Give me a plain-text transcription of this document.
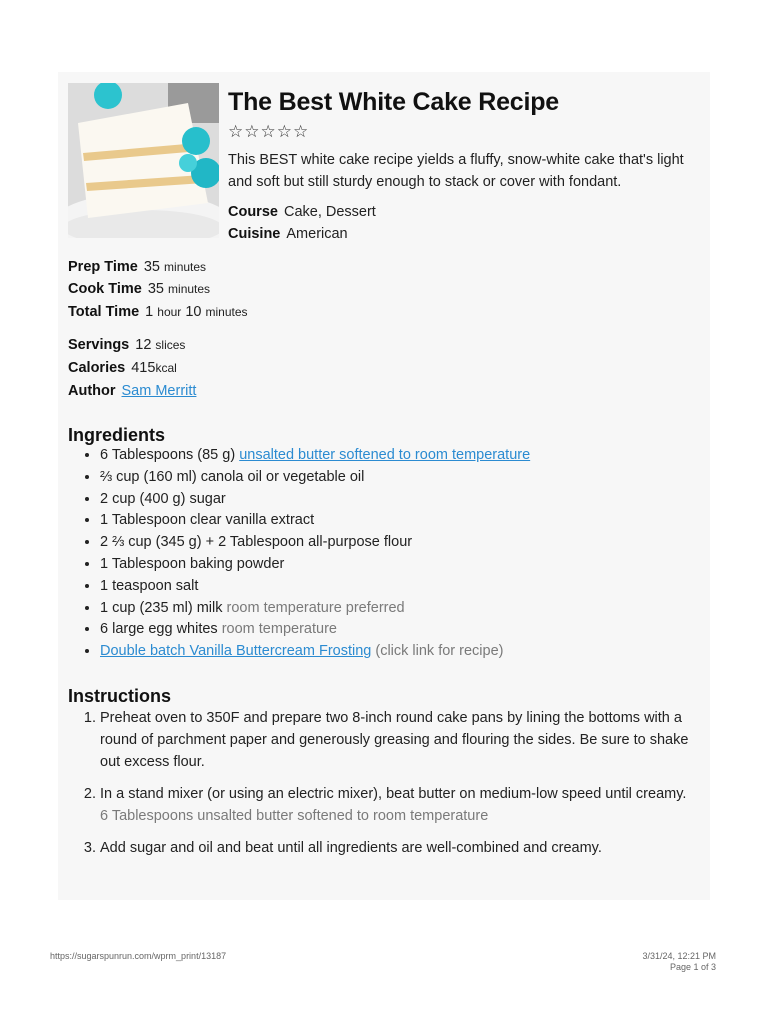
The Best White Cake Recipe
☆☆☆☆☆
This BEST white cake recipe yields a fluffy, snow-white cake that's light and soft but still sturdy enough to stack or cover with fondant.
Course Cake, Dessert
Cuisine American
Prep Time 35 minutes
Cook Time 35 minutes
Total Time 1 hour 10 minutes
Servings 12 slices
Calories 415kcal
Author Sam Merritt
Ingredients
• 6 Tablespoons (85 g) unsalted butter softened to room temperature
• ⅔ cup (160 ml) canola oil or vegetable oil
• 2 cup (400 g) sugar
• 1 Tablespoon clear vanilla extract
• 2 ⅔ cup (345 g) + 2 Tablespoon all-purpose flour
• 1 Tablespoon baking powder
• 1 teaspoon salt
• 1 cup (235 ml) milk room temperature preferred
• 6 large egg whites room temperature
• Double batch Vanilla Buttercream Frosting (click link for recipe)
Instructions
1. Preheat oven to 350F and prepare two 8-inch round cake pans by lining the bottoms with a round of parchment paper and generously greasing and flouring the sides. Be sure to shake out excess flour.
2. In a stand mixer (or using an electric mixer), beat butter on medium-low speed until creamy.
6 Tablespoons unsalted butter softened to room temperature
3. Add sugar and oil and beat until all ingredients are well-combined and creamy.
https://sugarspunrun.com/wprm_print/13187	3/31/24, 12:21 PM
Page 1 of 3
